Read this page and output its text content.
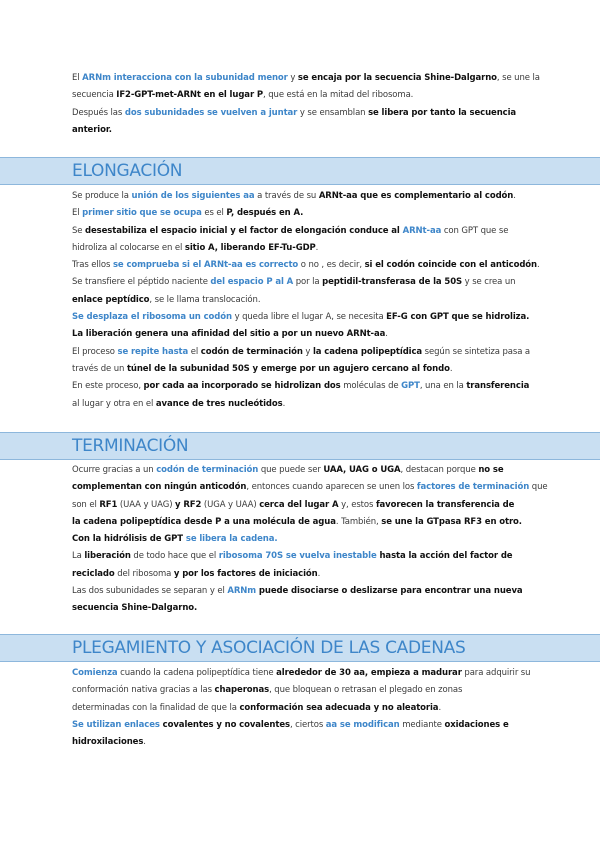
El ARNm interacciona con la subunidad menor y se encaja por la secuencia Shine-Dalgarno, se une la

secuencia IF2-GPT-met-ARNt en el lugar P, que está en la mitad del ribosoma.

Después las dos subunidades se vuelven a juntar y se ensamblan se libera por tanto la secuencia

anterior.

ELONGACIÓN

Se produce la unión de los siguientes aa a través de su ARNt-aa que es complementario al codón.

El primer sitio que se ocupa es el P, después en A.

Se desestabiliza el espacio inicial y el factor de elongación conduce al ARNt-aa con GPT que se

hidroliza al colocarse en el sitio A, liberando EF-Tu-GDP.

Tras ellos se comprueba si el ARNt-aa es correcto o no , es decir, si el codón coincide con el anticodón.

Se transfiere el péptido naciente del espacio P al A por la peptidil-transferasa de la 50S y se crea un

enlace peptídico, se le llama translocación.

Se desplaza el ribosoma un codón y queda libre el lugar A, se necesita EF-G con GPT que se hidroliza.

La liberación genera una afinidad del sitio a por un nuevo ARNt-aa.

El proceso se repite hasta el codón de terminación y la cadena polipeptídica según se sintetiza pasa a

través de un túnel de la subunidad 50S y emerge por un agujero cercano al fondo.

En este proceso, por cada aa incorporado se hidrolizan dos moléculas de GPT, una en la transferencia

al lugar y otra en el avance de tres nucleótidos.

TERMINACIÓN

Ocurre gracias a un codón de terminación que puede ser UAA, UAG o UGA, destacan porque no se

complementan con ningún anticodón, entonces cuando aparecen se unen los factores de terminación que

son el RF1 (UAA y UAG) y RF2 (UGA y UAA) cerca del lugar A y, estos favorecen la transferencia de

la cadena polipeptídica desde P a una molécula de agua. También, se une la GTpasa RF3 en otro.

Con la hidrólisis de GPT se libera la cadena.

La liberación de todo hace que el ribosoma 70S se vuelva inestable hasta la acción del factor de

reciclado del ribosoma y por los factores de iniciación.

Las dos subunidades se separan y el ARNm puede disociarse o deslizarse para encontrar una nueva

secuencia Shine-Dalgarno.

PLEGAMIENTO Y ASOCIACIÓN DE LAS CADENAS

Comienza cuando la cadena polipeptídica tiene alrededor de 30 aa, empieza a madurar para adquirir su

conformación nativa gracias a las chaperonas, que bloquean o retrasan el plegado en zonas

determinadas con la finalidad de que la conformación sea adecuada y no aleatoria.

Se utilizan enlaces covalentes y no covalentes, ciertos aa se modifican mediante oxidaciones e

hidroxilaciones.
